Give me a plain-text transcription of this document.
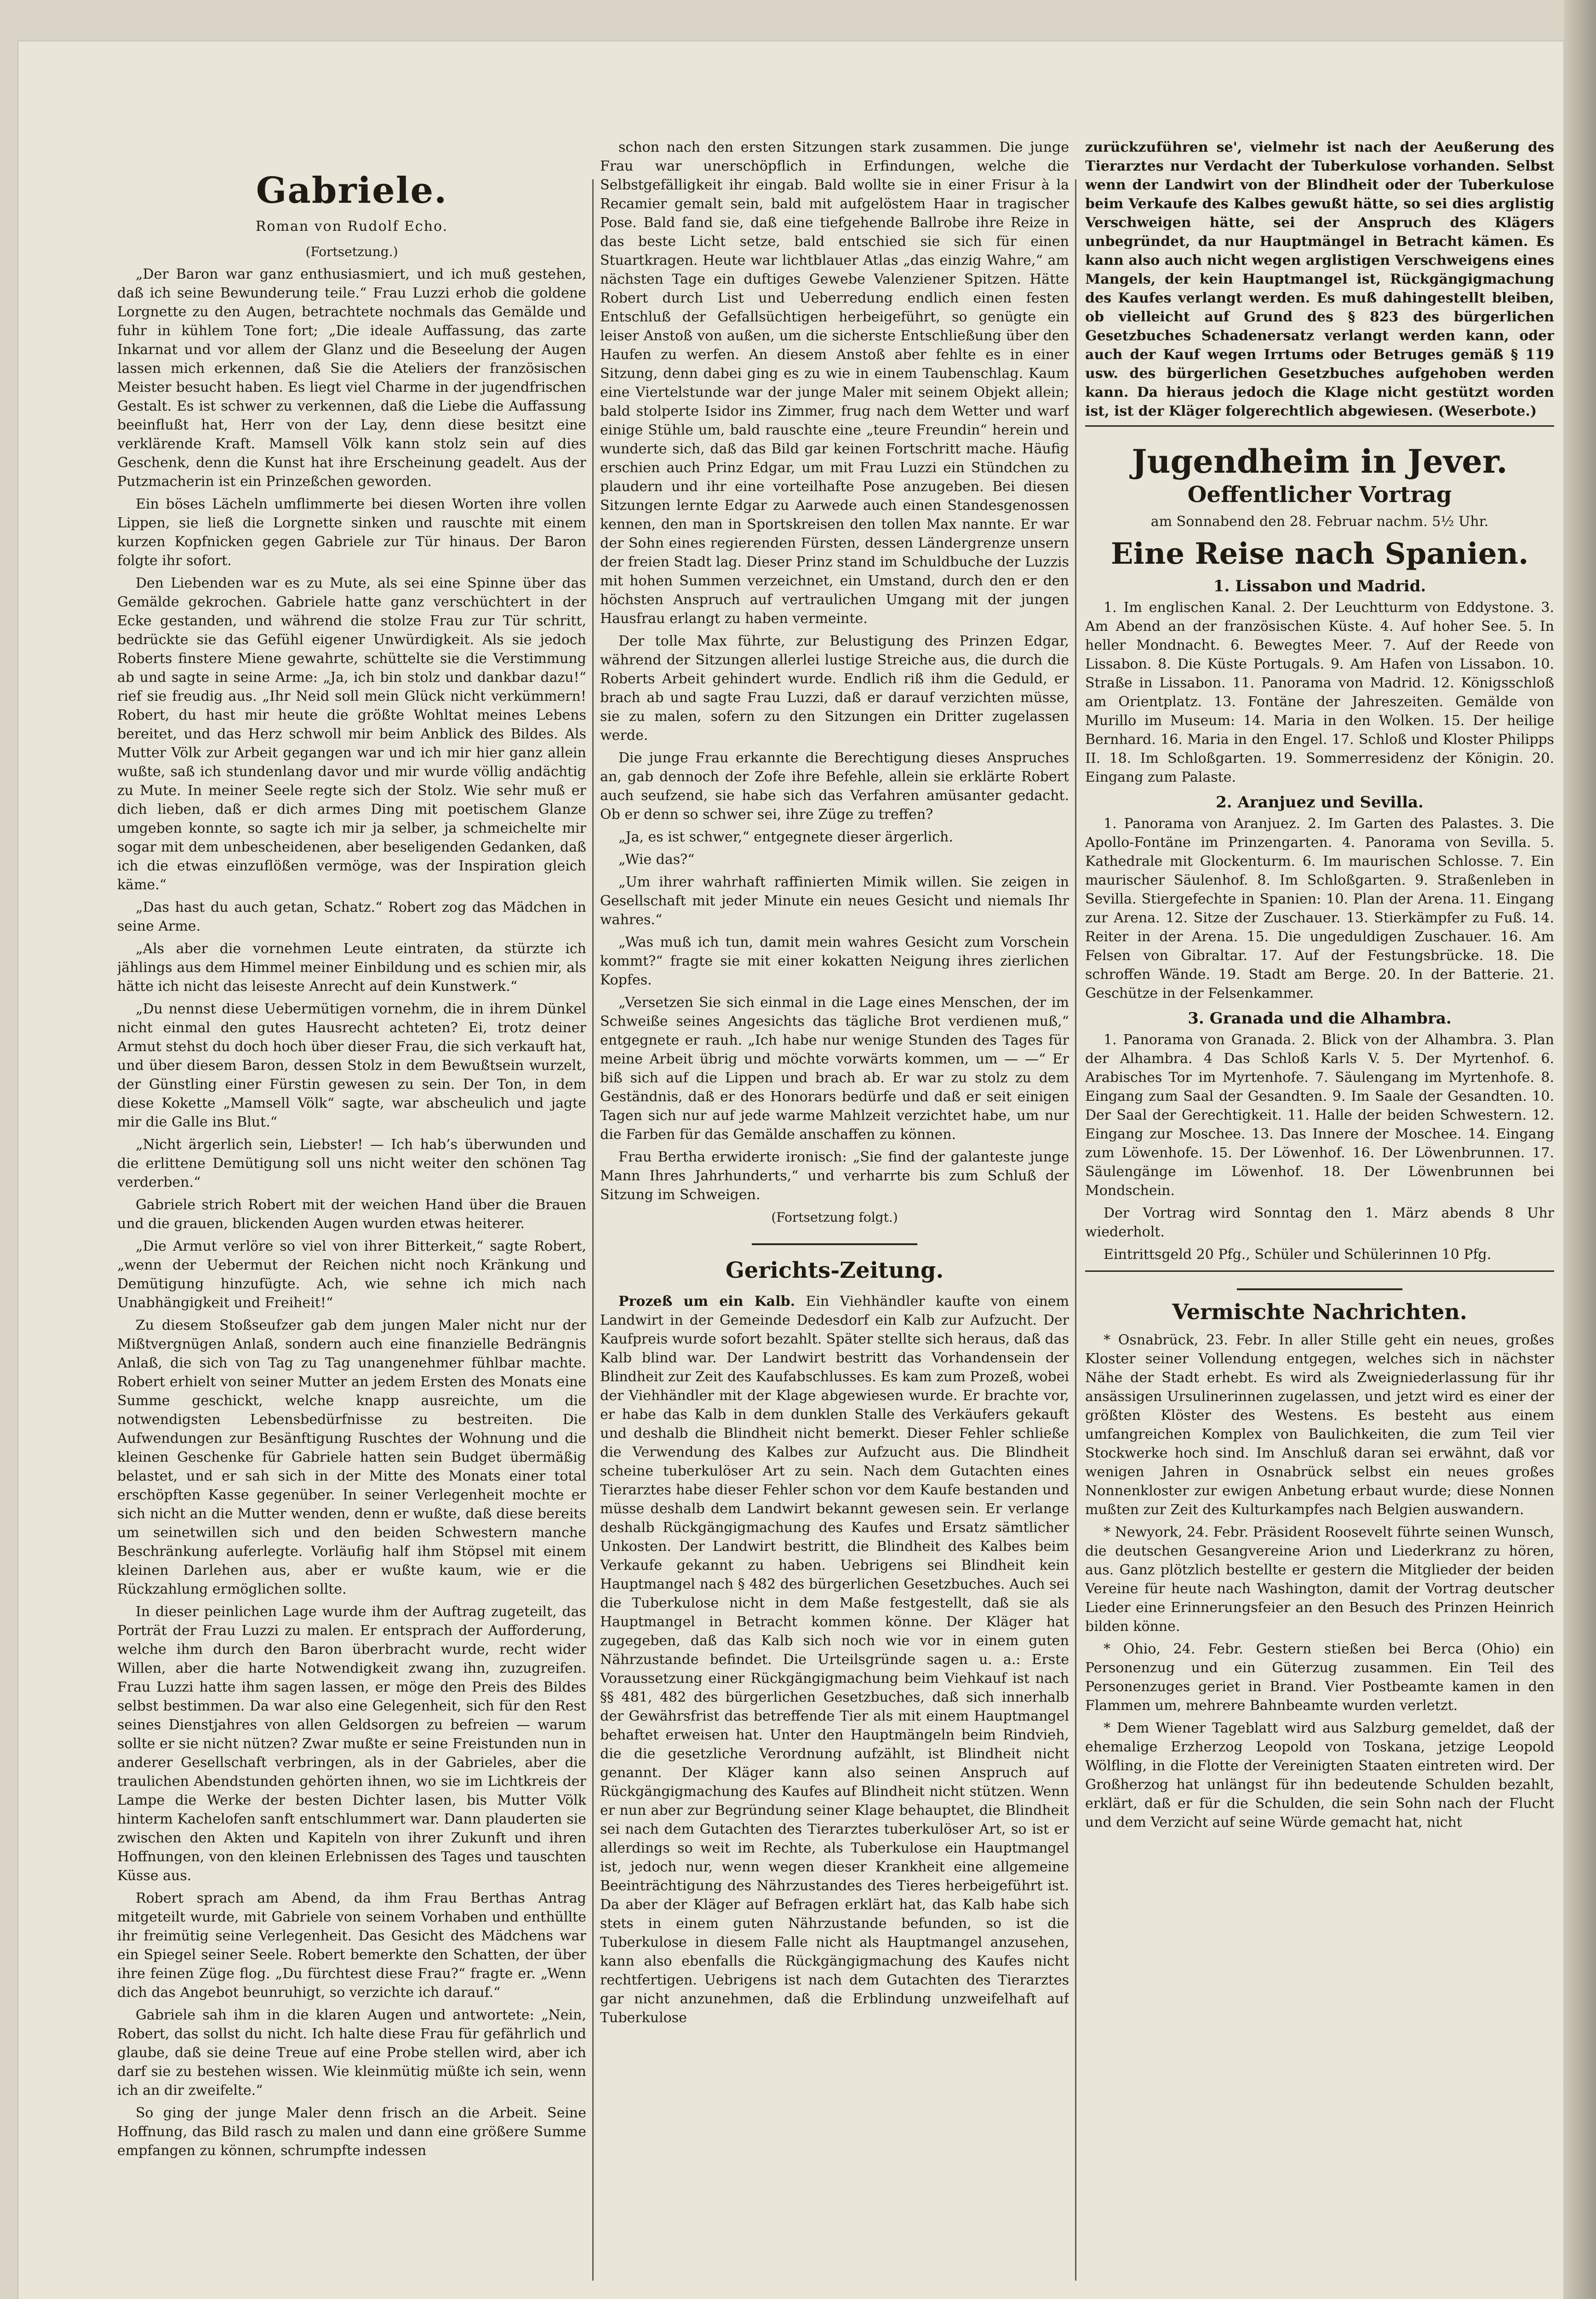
Gabriele.

Roman von Rudolf Echo.

(Fortsetzung.)

„Der Baron war ganz enthusiasmiert, und ich muß gestehen, daß ich seine Bewunderung teile.“ Frau Luzzi erhob die goldene Lorgnette zu den Augen, betrachtete nochmals das Gemälde und fuhr in kühlem Tone fort; „Die ideale Auffassung, das zarte Inkarnat und vor allem der Glanz und die Beseelung der Augen lassen mich erkennen, daß Sie die Ateliers der französischen Meister besucht haben. Es liegt viel Charme in der jugendfrischen Gestalt. Es ist schwer zu verkennen, daß die Liebe die Auffassung beeinflußt hat, Herr von der Lay, denn diese besitzt eine verklärende Kraft. Mamsell Völk kann stolz sein auf dies Geschenk, denn die Kunst hat ihre Erscheinung geadelt. Aus der Putzmacherin ist ein Prinzeßchen geworden.

Ein böses Lächeln umflimmerte bei diesen Worten ihre vollen Lippen, sie ließ die Lorgnette sinken und rauschte mit einem kurzen Kopfnicken gegen Gabriele zur Tür hinaus. Der Baron folgte ihr sofort.

Den Liebenden war es zu Mute, als sei eine Spinne über das Gemälde gekrochen. Gabriele hatte ganz verschüchtert in der Ecke gestanden, und während die stolze Frau zur Tür schritt, bedrückte sie das Gefühl eigener Unwürdigkeit. Als sie jedoch Roberts finstere Miene gewahrte, schüttelte sie die Verstimmung ab und sagte in seine Arme: „Ja, ich bin stolz und dankbar dazu!“ rief sie freudig aus. „Ihr Neid soll mein Glück nicht verkümmern! Robert, du hast mir heute die größte Wohltat meines Lebens bereitet, und das Herz schwoll mir beim Anblick des Bildes. Als Mutter Völk zur Arbeit gegangen war und ich mir hier ganz allein wußte, saß ich stundenlang davor und mir wurde völlig andächtig zu Mute. In meiner Seele regte sich der Stolz. Wie sehr muß er dich lieben, daß er dich armes Ding mit poetischem Glanze umgeben konnte, so sagte ich mir ja selber, ja schmeichelte mir sogar mit dem unbescheidenen, aber beseligenden Gedanken, daß ich die etwas einzuflößen vermöge, was der Inspiration gleich käme.“

„Das hast du auch getan, Schatz.“ Robert zog das Mädchen in seine Arme.

„Als aber die vornehmen Leute eintraten, da stürzte ich jählings aus dem Himmel meiner Einbildung und es schien mir, als hätte ich nicht das leiseste Anrecht auf dein Kunstwerk.“

„Du nennst diese Uebermütigen vornehm, die in ihrem Dünkel nicht einmal den gutes Hausrecht achteten? Ei, trotz deiner Armut stehst du doch hoch über dieser Frau, die sich verkauft hat, und über diesem Baron, dessen Stolz in dem Bewußtsein wurzelt, der Günstling einer Fürstin gewesen zu sein. Der Ton, in dem diese Kokette „Mamsell Völk“ sagte, war abscheulich und jagte mir die Galle ins Blut.“

„Nicht ärgerlich sein, Liebster! — Ich hab’s überwunden und die erlittene Demütigung soll uns nicht weiter den schönen Tag verderben.“

Gabriele strich Robert mit der weichen Hand über die Brauen und die grauen, blickenden Augen wurden etwas heiterer.

„Die Armut verlöre so viel von ihrer Bitterkeit,“ sagte Robert, „wenn der Uebermut der Reichen nicht noch Kränkung und Demütigung hinzufügte. Ach, wie sehne ich mich nach Unabhängigkeit und Freiheit!“

Zu diesem Stoßseufzer gab dem jungen Maler nicht nur der Mißtvergnügen Anlaß, sondern auch eine finanzielle Bedrängnis Anlaß, die sich von Tag zu Tag unangenehmer fühlbar machte. Robert erhielt von seiner Mutter an jedem Ersten des Monats eine Summe geschickt, welche knapp ausreichte, um die notwendigsten Lebensbedürfnisse zu bestreiten. Die Aufwendungen zur Besänftigung Ruschtes der Wohnung und die kleinen Geschenke für Gabriele hatten sein Budget übermäßig belastet, und er sah sich in der Mitte des Monats einer total erschöpften Kasse gegenüber. In seiner Verlegenheit mochte er sich nicht an die Mutter wenden, denn er wußte, daß diese bereits um seinetwillen sich und den beiden Schwestern manche Beschränkung auferlegte. Vorläufig half ihm Stöpsel mit einem kleinen Darlehen aus, aber er wußte kaum, wie er die Rückzahlung ermöglichen sollte.

In dieser peinlichen Lage wurde ihm der Auftrag zugeteilt, das Porträt der Frau Luzzi zu malen. Er entsprach der Aufforderung, welche ihm durch den Baron überbracht wurde, recht wider Willen, aber die harte Notwendigkeit zwang ihn, zuzugreifen. Frau Luzzi hatte ihm sagen lassen, er möge den Preis des Bildes selbst bestimmen. Da war also eine Gelegenheit, sich für den Rest seines Dienstjahres von allen Geldsorgen zu befreien — warum sollte er sie nicht nützen? Zwar mußte er seine Freistunden nun in anderer Gesellschaft verbringen, als in der Gabrieles, aber die traulichen Abendstunden gehörten ihnen, wo sie im Lichtkreis der Lampe die Werke der besten Dichter lasen, bis Mutter Völk hinterm Kachelofen sanft entschlummert war. Dann plauderten sie zwischen den Akten und Kapiteln von ihrer Zukunft und ihren Hoffnungen, von den kleinen Erlebnissen des Tages und tauschten Küsse aus.

Robert sprach am Abend, da ihm Frau Berthas Antrag mitgeteilt wurde, mit Gabriele von seinem Vorhaben und enthüllte ihr freimütig seine Verlegenheit. Das Gesicht des Mädchens war ein Spiegel seiner Seele. Robert bemerkte den Schatten, der über ihre feinen Züge flog. „Du fürchtest diese Frau?“ fragte er. „Wenn dich das Angebot beunruhigt, so verzichte ich darauf.“

Gabriele sah ihm in die klaren Augen und antwortete: „Nein, Robert, das sollst du nicht. Ich halte diese Frau für gefährlich und glaube, daß sie deine Treue auf eine Probe stellen wird, aber ich darf sie zu bestehen wissen. Wie kleinmütig müßte ich sein, wenn ich an dir zweifelte.“

So ging der junge Maler denn frisch an die Arbeit. Seine Hoffnung, das Bild rasch zu malen und dann eine größere Summe empfangen zu können, schrumpfte indessen

schon nach den ersten Sitzungen stark zusammen. Die junge Frau war unerschöpflich in Erfindungen, welche die Selbstgefälligkeit ihr eingab. Bald wollte sie in einer Frisur à la Recamier gemalt sein, bald mit aufgelöstem Haar in tragischer Pose. Bald fand sie, daß eine tiefgehende Ballrobe ihre Reize in das beste Licht setze, bald entschied sie sich für einen Stuartkragen. Heute war lichtblauer Atlas „das einzig Wahre,“ am nächsten Tage ein duftiges Gewebe Valenziener Spitzen. Hätte Robert durch List und Ueberredung endlich einen festen Entschluß der Gefallsüchtigen herbeigeführt, so genügte ein leiser Anstoß von außen, um die sicherste Entschließung über den Haufen zu werfen. An diesem Anstoß aber fehlte es in einer Sitzung, denn dabei ging es zu wie in einem Taubenschlag. Kaum eine Viertelstunde war der junge Maler mit seinem Objekt allein; bald stolperte Isidor ins Zimmer, frug nach dem Wetter und warf einige Stühle um, bald rauschte eine „teure Freundin“ herein und wunderte sich, daß das Bild gar keinen Fortschritt mache. Häufig erschien auch Prinz Edgar, um mit Frau Luzzi ein Stündchen zu plaudern und ihr eine vorteilhafte Pose anzugeben. Bei diesen Sitzungen lernte Edgar zu Aarwede auch einen Standesgenossen kennen, den man in Sportskreisen den tollen Max nannte. Er war der Sohn eines regierenden Fürsten, dessen Ländergrenze unsern der freien Stadt lag. Dieser Prinz stand im Schuldbuche der Luzzis mit hohen Summen verzeichnet, ein Umstand, durch den er den höchsten Anspruch auf vertraulichen Umgang mit der jungen Hausfrau erlangt zu haben vermeinte.

Der tolle Max führte, zur Belustigung des Prinzen Edgar, während der Sitzungen allerlei lustige Streiche aus, die durch die Roberts Arbeit gehindert wurde. Endlich riß ihm die Geduld, er brach ab und sagte Frau Luzzi, daß er darauf verzichten müsse, sie zu malen, sofern zu den Sitzungen ein Dritter zugelassen werde.

Die junge Frau erkannte die Berechtigung dieses Anspruches an, gab dennoch der Zofe ihre Befehle, allein sie erklärte Robert auch seufzend, sie habe sich das Verfahren amüsanter gedacht. Ob er denn so schwer sei, ihre Züge zu treffen?

„Ja, es ist schwer,“ entgegnete dieser ärgerlich.

„Wie das?“

„Um ihrer wahrhaft raffinierten Mimik willen. Sie zeigen in Gesellschaft mit jeder Minute ein neues Gesicht und niemals Ihr wahres.“

„Was muß ich tun, damit mein wahres Gesicht zum Vorschein kommt?“ fragte sie mit einer kokatten Neigung ihres zierlichen Kopfes.

„Versetzen Sie sich einmal in die Lage eines Menschen, der im Schweiße seines Angesichts das tägliche Brot verdienen muß,“ entgegnete er rauh. „Ich habe nur wenige Stunden des Tages für meine Arbeit übrig und möchte vorwärts kommen, um — —“ Er biß sich auf die Lippen und brach ab. Er war zu stolz zu dem Geständnis, daß er des Honorars bedürfe und daß er seit einigen Tagen sich nur auf jede warme Mahlzeit verzichtet habe, um nur die Farben für das Gemälde anschaffen zu können.

Frau Bertha erwiderte ironisch: „Sie find der galanteste junge Mann Ihres Jahrhunderts,“ und verharrte bis zum Schluß der Sitzung im Schweigen.

(Fortsetzung folgt.)

Gerichts-Zeitung.

Prozeß um ein Kalb. Ein Viehhändler kaufte von einem Landwirt in der Gemeinde Dedesdorf ein Kalb zur Aufzucht. Der Kaufpreis wurde sofort bezahlt. Später stellte sich heraus, daß das Kalb blind war. Der Landwirt bestritt das Vorhandensein der Blindheit zur Zeit des Kaufabschlusses. Es kam zum Prozeß, wobei der Viehhändler mit der Klage abgewiesen wurde. Er brachte vor, er habe das Kalb in dem dunklen Stalle des Verkäufers gekauft und deshalb die Blindheit nicht bemerkt. Dieser Fehler schließe die Verwendung des Kalbes zur Aufzucht aus. Die Blindheit scheine tuberkulöser Art zu sein. Nach dem Gutachten eines Tierarztes habe dieser Fehler schon vor dem Kaufe bestanden und müsse deshalb dem Landwirt bekannt gewesen sein. Er verlange deshalb Rückgängigmachung des Kaufes und Ersatz sämtlicher Unkosten. Der Landwirt bestritt, die Blindheit des Kalbes beim Verkaufe gekannt zu haben. Uebrigens sei Blindheit kein Hauptmangel nach § 482 des bürgerlichen Gesetzbuches. Auch sei die Tuberkulose nicht in dem Maße festgestellt, daß sie als Hauptmangel in Betracht kommen könne. Der Kläger hat zugegeben, daß das Kalb sich noch wie vor in einem guten Nährzustande befindet. Die Urteilsgründe sagen u. a.: Erste Voraussetzung einer Rückgängigmachung beim Viehkauf ist nach §§ 481, 482 des bürgerlichen Gesetzbuches, daß sich innerhalb der Gewährsfrist das betreffende Tier als mit einem Hauptmangel behaftet erweisen hat. Unter den Hauptmängeln beim Rindvieh, die die gesetzliche Verordnung aufzählt, ist Blindheit nicht genannt. Der Kläger kann also seinen Anspruch auf Rückgängigmachung des Kaufes auf Blindheit nicht stützen. Wenn er nun aber zur Begründung seiner Klage behauptet, die Blindheit sei nach dem Gutachten des Tierarztes tuberkulöser Art, so ist er allerdings so weit im Rechte, als Tuberkulose ein Hauptmangel ist, jedoch nur, wenn wegen dieser Krankheit eine allgemeine Beeinträchtigung des Nährzustandes des Tieres herbeigeführt ist. Da aber der Kläger auf Befragen erklärt hat, das Kalb habe sich stets in einem guten Nährzustande befunden, so ist die Tuberkulose in diesem Falle nicht als Hauptmangel anzusehen, kann also ebenfalls die Rückgängigmachung des Kaufes nicht rechtfertigen. Uebrigens ist nach dem Gutachten des Tierarztes gar nicht anzunehmen, daß die Erblindung unzweifelhaft auf Tuberkulose

zurückzuführen se', vielmehr ist nach der Aeußerung des Tierarztes nur Verdacht der Tuberkulose vorhanden. Selbst wenn der Landwirt von der Blindheit oder der Tuberkulose beim Verkaufe des Kalbes gewußt hätte, so sei dies arglistig Verschweigen hätte, sei der Anspruch des Klägers unbegründet, da nur Hauptmängel in Betracht kämen. Es kann also auch nicht wegen arglistigen Verschweigens eines Mangels, der kein Hauptmangel ist, Rückgängigmachung des Kaufes verlangt werden. Es muß dahingestellt bleiben, ob vielleicht auf Grund des § 823 des bürgerlichen Gesetzbuches Schadenersatz verlangt werden kann, oder auch der Kauf wegen Irrtums oder Betruges gemäß § 119 usw. des bürgerlichen Gesetzbuches aufgehoben werden kann. Da hieraus jedoch die Klage nicht gestützt worden ist, ist der Kläger folgerechtlich abgewiesen. (Weserbote.)

Jugendheim in Jever.
Oeffentlicher Vortrag

am Sonnabend den 28. Februar nachm. 5½ Uhr.

Eine Reise nach Spanien.
1. Lissabon und Madrid.

1. Im englischen Kanal. 2. Der Leuchtturm von Eddystone. 3. Am Abend an der französischen Küste. 4. Auf hoher See. 5. In heller Mondnacht. 6. Bewegtes Meer. 7. Auf der Reede von Lissabon. 8. Die Küste Portugals. 9. Am Hafen von Lissabon. 10. Straße in Lissabon. 11. Panorama von Madrid. 12. Königsschloß am Orientplatz. 13. Fontäne der Jahreszeiten. Gemälde von Murillo im Museum: 14. Maria in den Wolken. 15. Der heilige Bernhard. 16. Maria in den Engel. 17. Schloß und Kloster Philipps II. 18. Im Schloßgarten. 19. Sommerresidenz der Königin. 20. Eingang zum Palaste.

2. Aranjuez und Sevilla.

1. Panorama von Aranjuez. 2. Im Garten des Palastes. 3. Die Apollo-Fontäne im Prinzengarten. 4. Panorama von Sevilla. 5. Kathedrale mit Glockenturm. 6. Im maurischen Schlosse. 7. Ein maurischer Säulenhof. 8. Im Schloßgarten. 9. Straßenleben in Sevilla. Stiergefechte in Spanien: 10. Plan der Arena. 11. Eingang zur Arena. 12. Sitze der Zuschauer. 13. Stierkämpfer zu Fuß. 14. Reiter in der Arena. 15. Die ungeduldigen Zuschauer. 16. Am Felsen von Gibraltar. 17. Auf der Festungsbrücke. 18. Die schroffen Wände. 19. Stadt am Berge. 20. In der Batterie. 21. Geschütze in der Felsenkammer.

3. Granada und die Alhambra.

1. Panorama von Granada. 2. Blick von der Alhambra. 3. Plan der Alhambra. 4 Das Schloß Karls V. 5. Der Myrtenhof. 6. Arabisches Tor im Myrtenhofe. 7. Säulengang im Myrtenhofe. 8. Eingang zum Saal der Gesandten. 9. Im Saale der Gesandten. 10. Der Saal der Gerechtigkeit. 11. Halle der beiden Schwestern. 12. Eingang zur Moschee. 13. Das Innere der Moschee. 14. Eingang zum Löwenhofe. 15. Der Löwenhof. 16. Der Löwenbrunnen. 17. Säulengänge im Löwenhof. 18. Der Löwenbrunnen bei Mondschein.

Der Vortrag wird Sonntag den 1. März abends 8 Uhr wiederholt.

Eintrittsgeld 20 Pfg., Schüler und Schülerinnen 10 Pfg.

Vermischte Nachrichten.

* Osnabrück, 23. Febr. In aller Stille geht ein neues, großes Kloster seiner Vollendung entgegen, welches sich in nächster Nähe der Stadt erhebt. Es wird als Zweigniederlassung für ihr ansässigen Ursulinerinnen zugelassen, und jetzt wird es einer der größten Klöster des Westens. Es besteht aus einem umfangreichen Komplex von Baulichkeiten, die zum Teil vier Stockwerke hoch sind. Im Anschluß daran sei erwähnt, daß vor wenigen Jahren in Osnabrück selbst ein neues großes Nonnenkloster zur ewigen Anbetung erbaut wurde; diese Nonnen mußten zur Zeit des Kulturkampfes nach Belgien auswandern.

* Newyork, 24. Febr. Präsident Roosevelt führte seinen Wunsch, die deutschen Gesangvereine Arion und Liederkranz zu hören, aus. Ganz plötzlich bestellte er gestern die Mitglieder der beiden Vereine für heute nach Washington, damit der Vortrag deutscher Lieder eine Erinnerungsfeier an den Besuch des Prinzen Heinrich bilden könne.

* Ohio, 24. Febr. Gestern stießen bei Berca (Ohio) ein Personenzug und ein Güterzug zusammen. Ein Teil des Personenzuges geriet in Brand. Vier Postbeamte kamen in den Flammen um, mehrere Bahnbeamte wurden verletzt.

* Dem Wiener Tageblatt wird aus Salzburg gemeldet, daß der ehemalige Erzherzog Leopold von Toskana, jetzige Leopold Wölfling, in die Flotte der Vereinigten Staaten eintreten wird. Der Großherzog hat unlängst für ihn bedeutende Schulden bezahlt, erklärt, daß er für die Schulden, die sein Sohn nach der Flucht und dem Verzicht auf seine Würde gemacht hat, nicht
